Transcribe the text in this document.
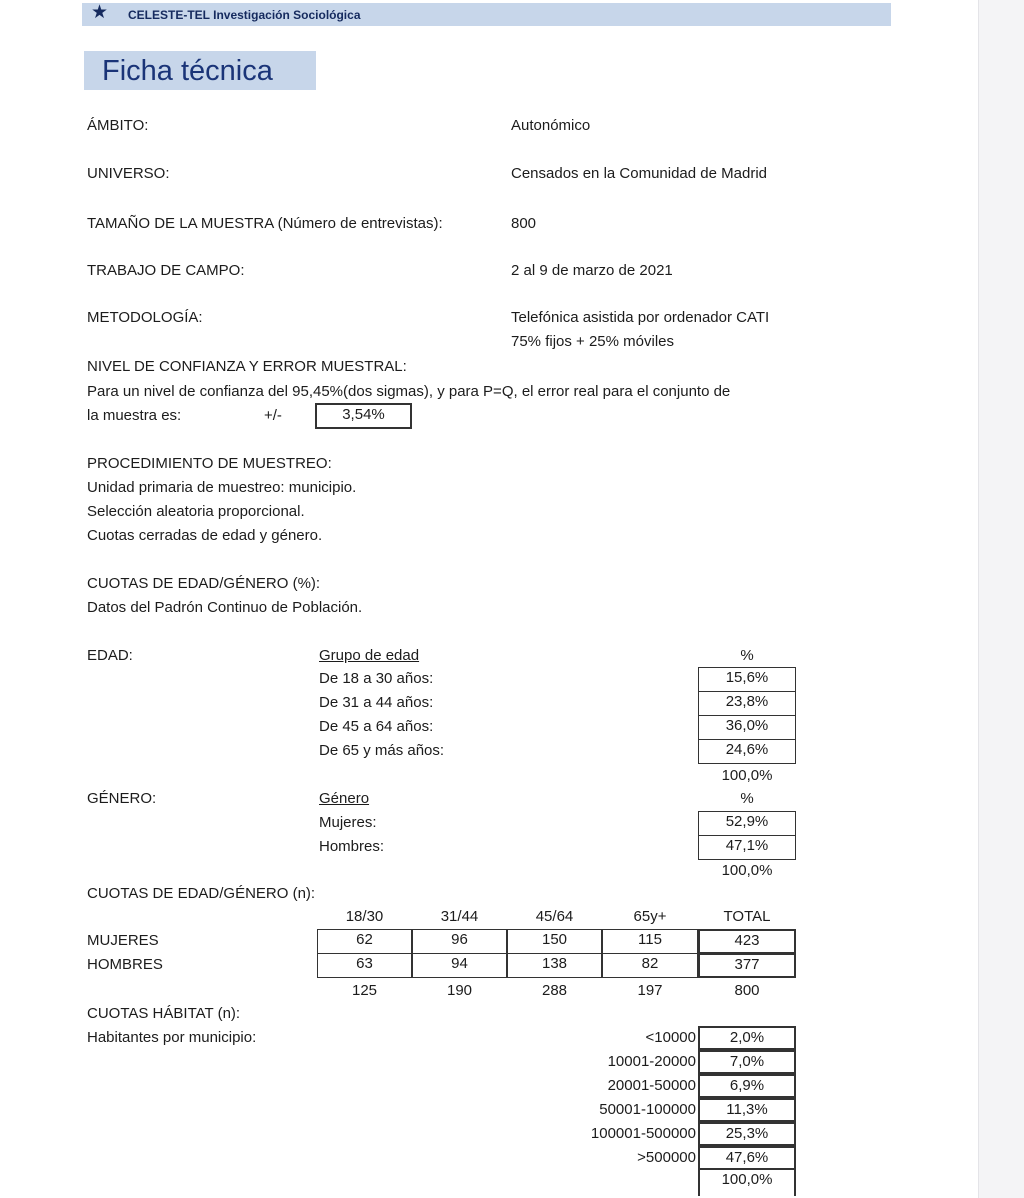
★ CELESTE-TEL Investigación Sociológica
Ficha técnica
ÁMBITO:	Autonómico
UNIVERSO:	Censados en la Comunidad de Madrid
TAMAÑO DE LA MUESTRA (Número de entrevistas):	800
TRABAJO DE CAMPO:	2 al 9 de marzo de 2021
METODOLOGÍA:	Telefónica asistida por ordenador CATI
75% fijos + 25% móviles
NIVEL DE CONFIANZA Y ERROR MUESTRAL:
Para un nivel de confianza del 95,45%(dos sigmas), y para P=Q, el error real para el conjunto de
la muestra es:	+/-	3,54%
PROCEDIMIENTO DE MUESTREO:
Unidad primaria de muestreo: municipio.
Selección aleatoria proporcional.
Cuotas cerradas de edad y género.
CUOTAS DE EDAD/GÉNERO (%):
Datos del Padrón Continuo de Población.
EDAD:	Grupo de edad	%
De 18 a 30 años:	15,6%
De 31 a 44 años:	23,8%
De 45 a 64 años:	36,0%
De 65 y más años:	24,6%
100,0%
GÉNERO:	Género	%
Mujeres:	52,9%
Hombres:	47,1%
100,0%
CUOTAS DE EDAD/GÉNERO (n):
18/30	31/44	45/64	65y+	TOTAL
MUJERES	62	96	150	115	423
HOMBRES	63	94	138	82	377
125	190	288	197	800
CUOTAS HÁBITAT (n):
Habitantes por municipio:	<10000	2,0%
10001-20000	7,0%
20001-50000	6,9%
50001-100000	11,3%
100001-500000	25,3%
>500000	47,6%
100,0%
